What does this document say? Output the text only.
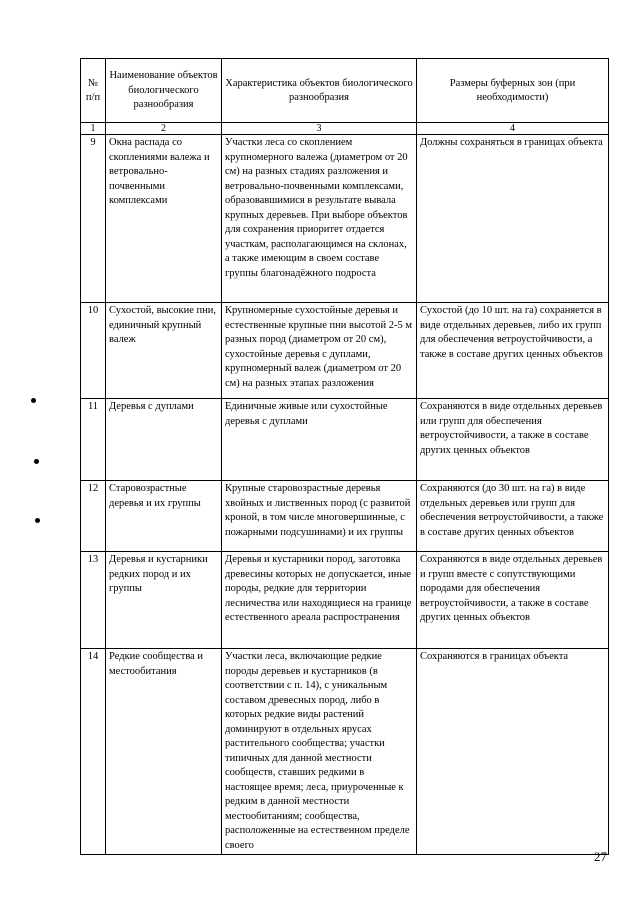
№ п/п	Наименование объектов биологического разнообразия	Характеристика объектов биологического разнообразия	Размеры буферных зон (при необходимости)
1	2	3	4
9	Окна распада со скоплениями валежа и ветровально-почвенными комплексами	Участки леса со скоплением крупномерного валежа (диаметром от 20 см) на разных стадиях разложения и ветровально-почвенными комплексами, образовавшимися в результате вывала крупных деревьев. При выборе объектов для сохранения приоритет отдается участкам, располагающимся на склонах, а также имеющим в своем составе группы благонадёжного подроста	Должны сохраняться в границах объекта
10	Сухостой, высокие пни, единичный крупный валеж	Крупномерные сухостойные деревья и естественные крупные пни высотой 2-5 м разных пород (диаметром от 20 см), сухостойные деревья с дуплами, крупномерный валеж (диаметром от 20 см) на разных этапах разложения	Сухостой (до 10 шт. на га) сохраняется в виде отдельных деревьев, либо их групп для обеспечения ветроустойчивости, а также в составе других ценных объектов
11	Деревья с дуплами	Единичные живые или сухостойные деревья с дуплами	Сохраняются в виде отдельных деревьев или групп для обеспечения ветроустойчивости, а также в составе других ценных объектов
12	Старовозрастные деревья и их группы	Крупные старовозрастные деревья хвойных и лиственных пород (с развитой кроной, в том числе многовершинные, с пожарными подсушинами) и их группы	Сохраняются (до 30 шт. на га) в виде отдельных деревьев или групп для обеспечения ветроустойчивости, а также в составе других ценных объектов
13	Деревья и кустарники редких пород и их группы	Деревья и кустарники пород, заготовка древесины которых не допускается, иные породы, редкие для территории лесничества или находящиеся на границе естественного ареала распространения	Сохраняются в виде отдельных деревьев и групп вместе с сопутствующими породами для обеспечения ветроустойчивости, а также в составе других ценных объектов
14	Редкие сообщества и местообитания	Участки леса, включающие редкие породы деревьев и кустарников (в соответствии с п. 14), с уникальным составом древесных пород, либо в которых редкие виды растений доминируют в отдельных ярусах растительного сообщества; участки типичных для данной местности сообществ, ставших редкими в настоящее время; леса, приуроченные к редким в данной местности местообитаниям; сообщества, расположенные на естественном пределе своего	Сохраняются в границах объекта
27
